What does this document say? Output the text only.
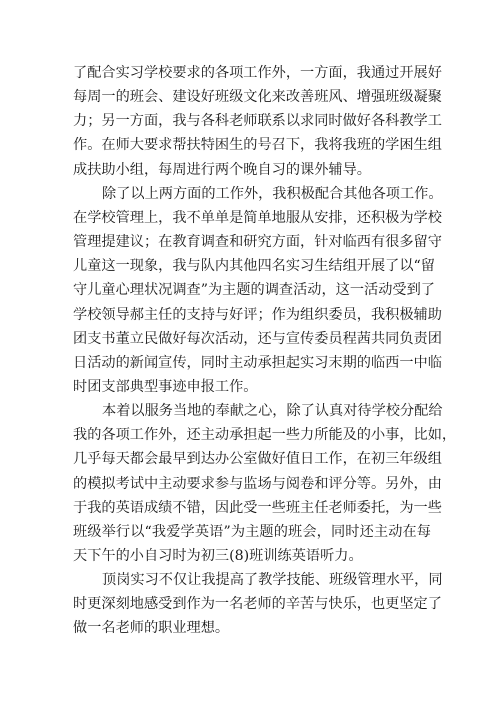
了配合实习学校要求的各项工作外，一方面，我通过开展好
每周一的班会、建设好班级文化来改善班风、增强班级凝聚
力；另一方面，我与各科老师联系以求同时做好各科教学工
作。在师大要求帮扶特困生的号召下，我将我班的学困生组
成扶助小组，每周进行两个晚自习的课外辅导。
除了以上两方面的工作外，我积极配合其他各项工作。
在学校管理上，我不单单是简单地服从安排，还积极为学校
管理提建议；在教育调查和研究方面，针对临西有很多留守
儿童这一现象，我与队内其他四名实习生结组开展了以“留
守儿童心理状况调查”为主题的调查活动，这一活动受到了
学校领导郝主任的支持与好评；作为组织委员，我积极辅助
团支书董立民做好每次活动，还与宣传委员程茜共同负责团
日活动的新闻宣传，同时主动承担起实习末期的临西一中临
时团支部典型事迹申报工作。
本着以服务当地的奉献之心，除了认真对待学校分配给
我的各项工作外，还主动承担起一些力所能及的小事，比如，
几乎每天都会最早到达办公室做好值日工作，在初三年级组
的模拟考试中主动要求参与监场与阅卷和评分等。另外，由
于我的英语成绩不错，因此受一些班主任老师委托，为一些
班级举行以“我爱学英语”为主题的班会，同时还主动在每
天下午的小自习时为初三(8)班训练英语听力。
顶岗实习不仅让我提高了教学技能、班级管理水平，同
时更深刻地感受到作为一名老师的辛苦与快乐，也更坚定了
做一名老师的职业理想。
